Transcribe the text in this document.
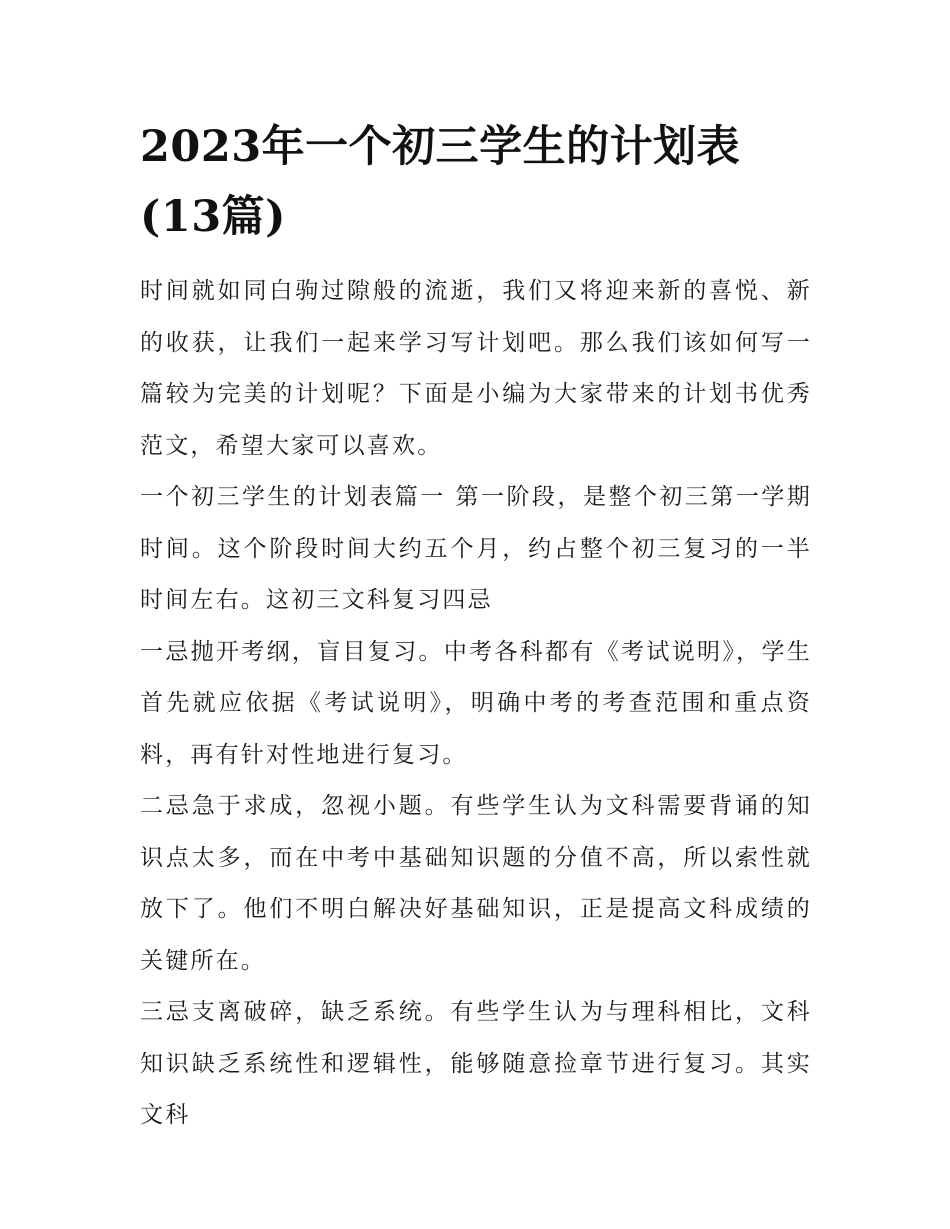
2023年一个初三学生的计划表(13篇)

时间就如同白驹过隙般的流逝，我们又将迎来新的喜悦、新的收获，让我们一起来学习写计划吧。那么我们该如何写一篇较为完美的计划呢？下面是小编为大家带来的计划书优秀范文，希望大家可以喜欢。

一个初三学生的计划表篇一 第一阶段，是整个初三第一学期时间。这个阶段时间大约五个月，约占整个初三复习的一半时间左右。这初三文科复习四忌

一忌抛开考纲，盲目复习。中考各科都有《考试说明》，学生首先就应依据《考试说明》，明确中考的考查范围和重点资料，再有针对性地进行复习。

二忌急于求成，忽视小题。有些学生认为文科需要背诵的知识点太多，而在中考中基础知识题的分值不高，所以索性就放下了。他们不明白解决好基础知识，正是提高文科成绩的关键所在。

三忌支离破碎，缺乏系统。有些学生认为与理科相比，文科知识缺乏系统性和逻辑性，能够随意捡章节进行复习。其实文科
